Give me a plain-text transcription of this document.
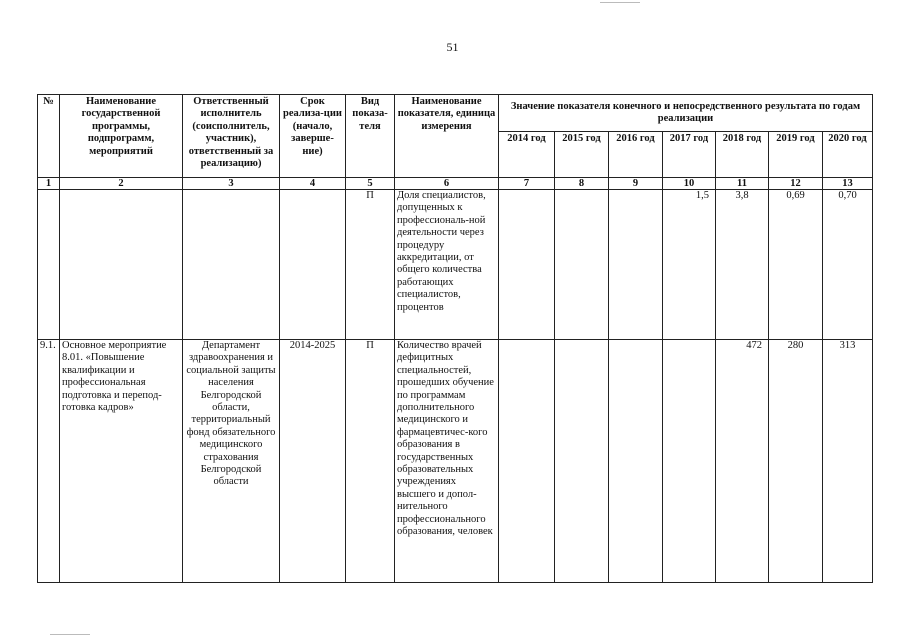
51
№	Наименование государственной программы, подпрограмм, мероприятий	Ответственный исполнитель (соисполнитель, участник), ответственный за реализацию)	Срок реализа-ции (начало, заверше-ние)	Вид показа-теля	Наименование показателя, единица измерения	Значение показателя конечного и непосредственного результата по годам реализации						
						2014 год	2015 год	2016 год	2017 год	2018 год	2019 год	2020 год
1	2	3	4	5	6	7	8	9	10	11	12	13
				П	Доля специалистов, допущенных к профессиональ-ной деятельности через процедуру аккредитации, от общего количества работающих специалистов, процентов				1,5	3,8	0,69	0,70
9.1.	Основное мероприятие 8.01. «Повышение квалификации и профессиональная подготовка и перепод-готовка кадров»	Департамент здравоохранения и социальной защиты населения Белгородской области, территориальный фонд обязательного медицинского страхования Белгородской области	2014-2025	П	Количество врачей дефицитных специальностей, прошедших обучение по программам дополнительного медицинского и фармацевтичес-кого образования в государственных образовательных учреждениях высшего и допол-нительного профессионального образования, человек					472	280	313
